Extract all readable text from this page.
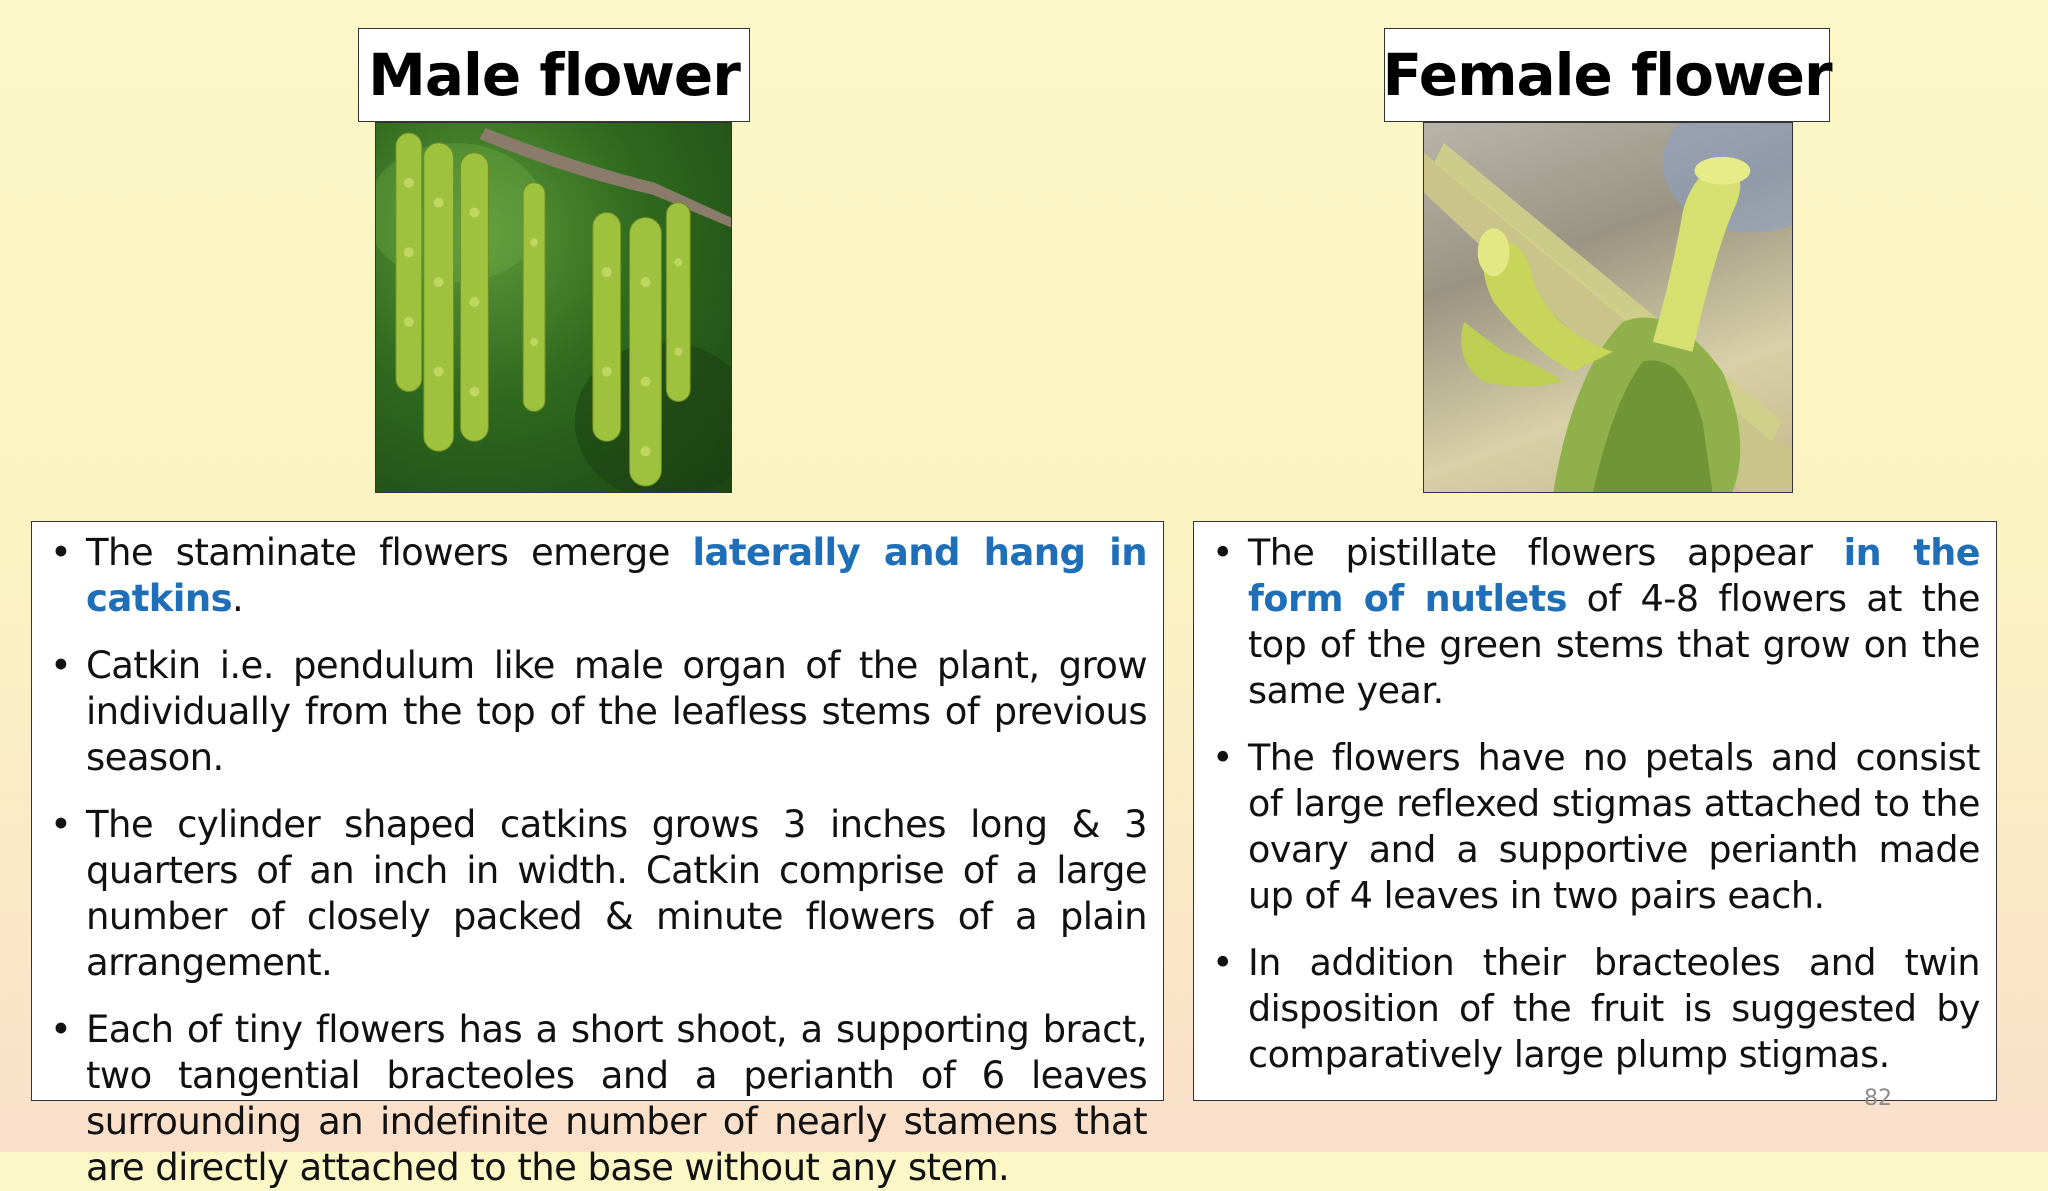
Male flower	Female flower
• The staminate flowers emerge laterally and hang in catkins.
• Catkin i.e. pendulum like male organ of the plant, grow individually from the top of the leafless stems of previous season.
• The cylinder shaped catkins grows 3 inches long & 3 quarters of an inch in width. Catkin comprise of a large number of closely packed & minute flowers of a plain arrangement.
• Each of tiny flowers has a short shoot, a supporting bract, two tangential bracteoles and a perianth of 6 leaves surrounding an indefinite number of nearly stamens that are directly attached to the base without any stem.
• The pistillate flowers appear in the form of nutlets of 4-8 flowers at the top of the green stems that grow on the same year.
• The flowers have no petals and consist of large reflexed stigmas attached to the ovary and a supportive perianth made up of 4 leaves in two pairs each.
• In addition their bracteoles and twin disposition of the fruit is suggested by comparatively large plump stigmas.
82
